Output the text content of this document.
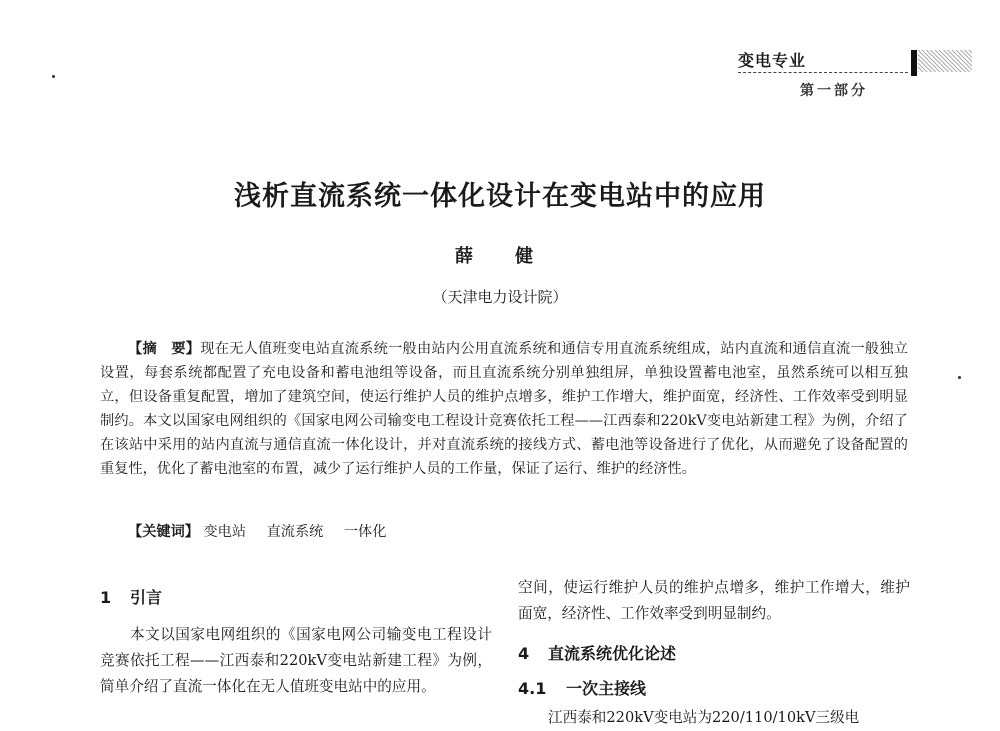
变电专业
第一部分
浅析直流系统一体化设计在变电站中的应用
薛　健
（天津电力设计院）
【摘　要】现在无人值班变电站直流系统一般由站内公用直流系统和通信专用直流系统组成，站内直流和通信直流一般独立设置，每套系统都配置了充电设备和蓄电池组等设备，而且直流系统分别单独组屏，单独设置蓄电池室，虽然系统可以相互独立，但设备重复配置，增加了建筑空间，使运行维护人员的维护点增多，维护工作增大，维护面宽，经济性、工作效率受到明显制约。本文以国家电网组织的《国家电网公司输变电工程设计竞赛依托工程——江西泰和220kV变电站新建工程》为例，介绍了在该站中采用的站内直流与通信直流一体化设计，并对直流系统的接线方式、蓄电池等设备进行了优化，从而避免了设备配置的重复性，优化了蓄电池室的布置，减少了运行维护人员的工作量，保证了运行、维护的经济性。
【关键词】 变电站 直流系统 一体化
1 引言
本文以国家电网组织的《国家电网公司输变电工程设计竞赛依托工程——江西泰和220kV变电站新建工程》为例，简单介绍了直流一体化在无人值班变电站中的应用。
空间，使运行维护人员的维护点增多，维护工作增大，维护面宽，经济性、工作效率受到明显制约。
4 直流系统优化论述
4.1 一次主接线
江西泰和220kV变电站为220/110/10kV三级电
